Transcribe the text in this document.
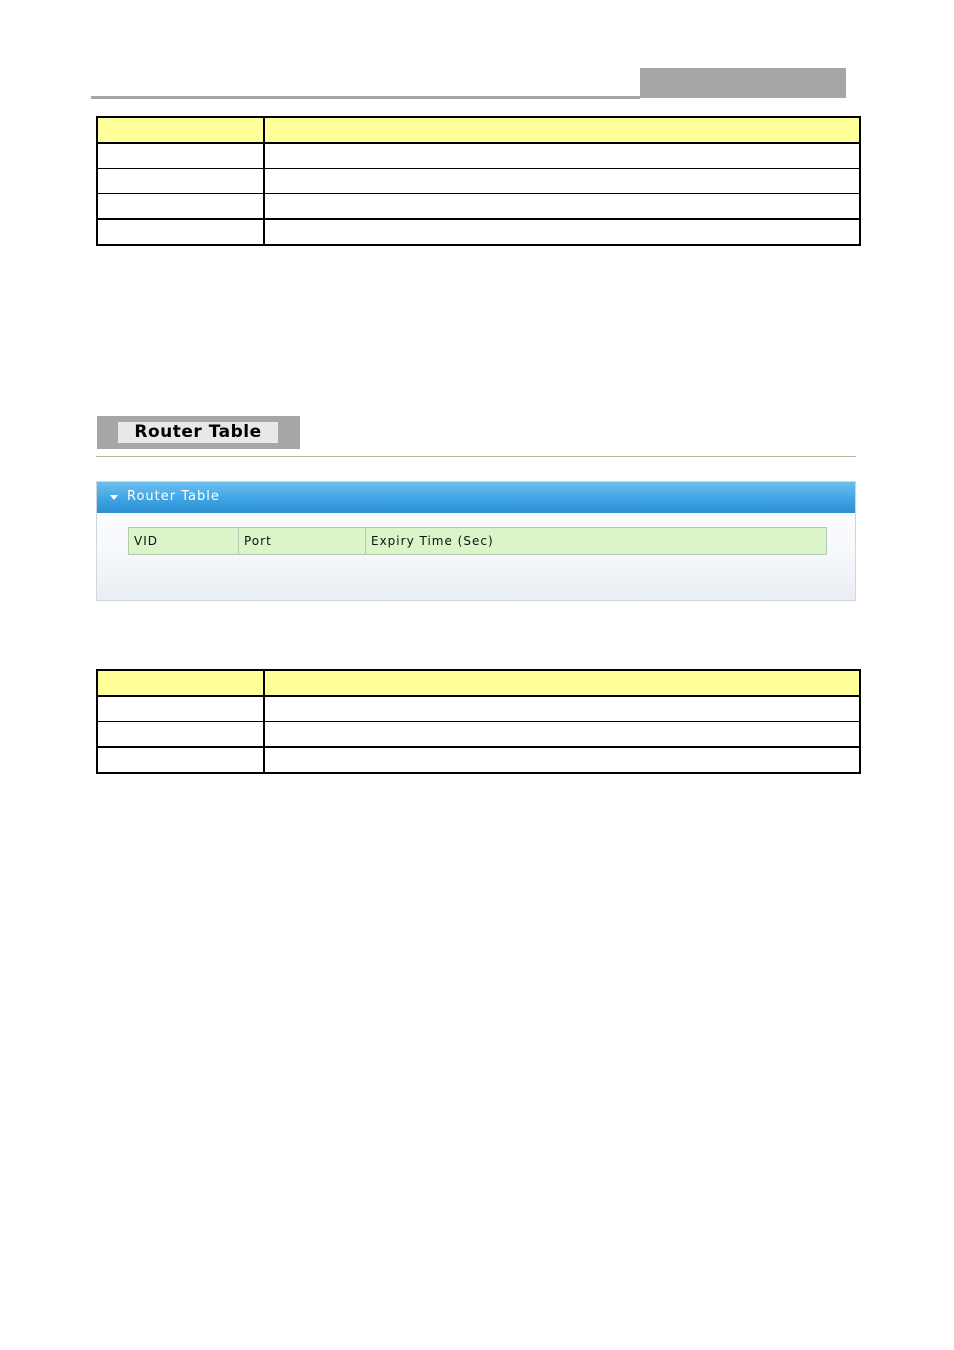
Router Table
Router Table
VID	Port	Expiry Time (Sec)
